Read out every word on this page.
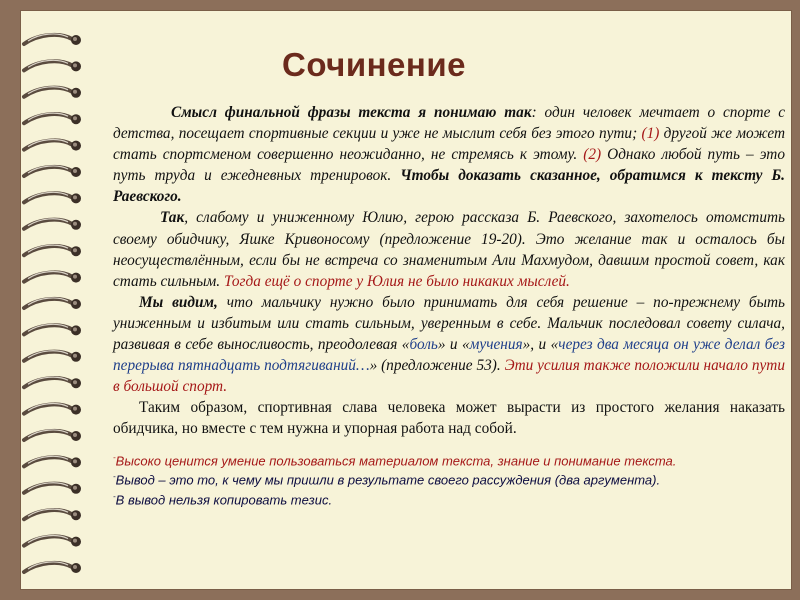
Сочинение

Смысл финальной фразы текста я понимаю так: один человек мечтает о спорте с детства, посещает спортивные секции и уже не мыслит себя без этого пути; (1) другой же может стать спортсменом совершенно неожиданно, не стремясь к этому. (2) Однако любой путь – это путь труда и ежедневных тренировок. Чтобы доказать сказанное, обратимся к тексту Б. Раевского.

Так, слабому и униженному Юлию, герою рассказа Б. Раевского, захотелось отомстить своему обидчику, Яшке Кривоносому (предложение 19-20). Это желание так и осталось бы неосуществлённым, если бы не встреча со знаменитым Али Махмудом, давшим простой совет, как стать сильным. Тогда ещё о спорте у Юлия не было никаких мыслей.

Мы видим, что мальчику нужно было принимать для себя решение – по-прежнему быть униженным и избитым или стать сильным, уверенным в себе. Мальчик последовал совету силача, развивая в себе выносливость, преодолевая «боль» и «мучения», и «через два месяца он уже делал без перерыва пятнадцать подтягиваний…» (предложение 53). Эти усилия также положили начало пути в большой спорт.

Таким образом, спортивная слава человека может вырасти из простого желания наказать обидчика, но вместе с тем нужна и упорная работа над собой.

-Высоко ценится умение пользоваться материалом текста, знание и понимание текста.

-Вывод – это то, к чему мы пришли в результате своего рассуждения (два аргумента).

-В вывод нельзя копировать тезис.
